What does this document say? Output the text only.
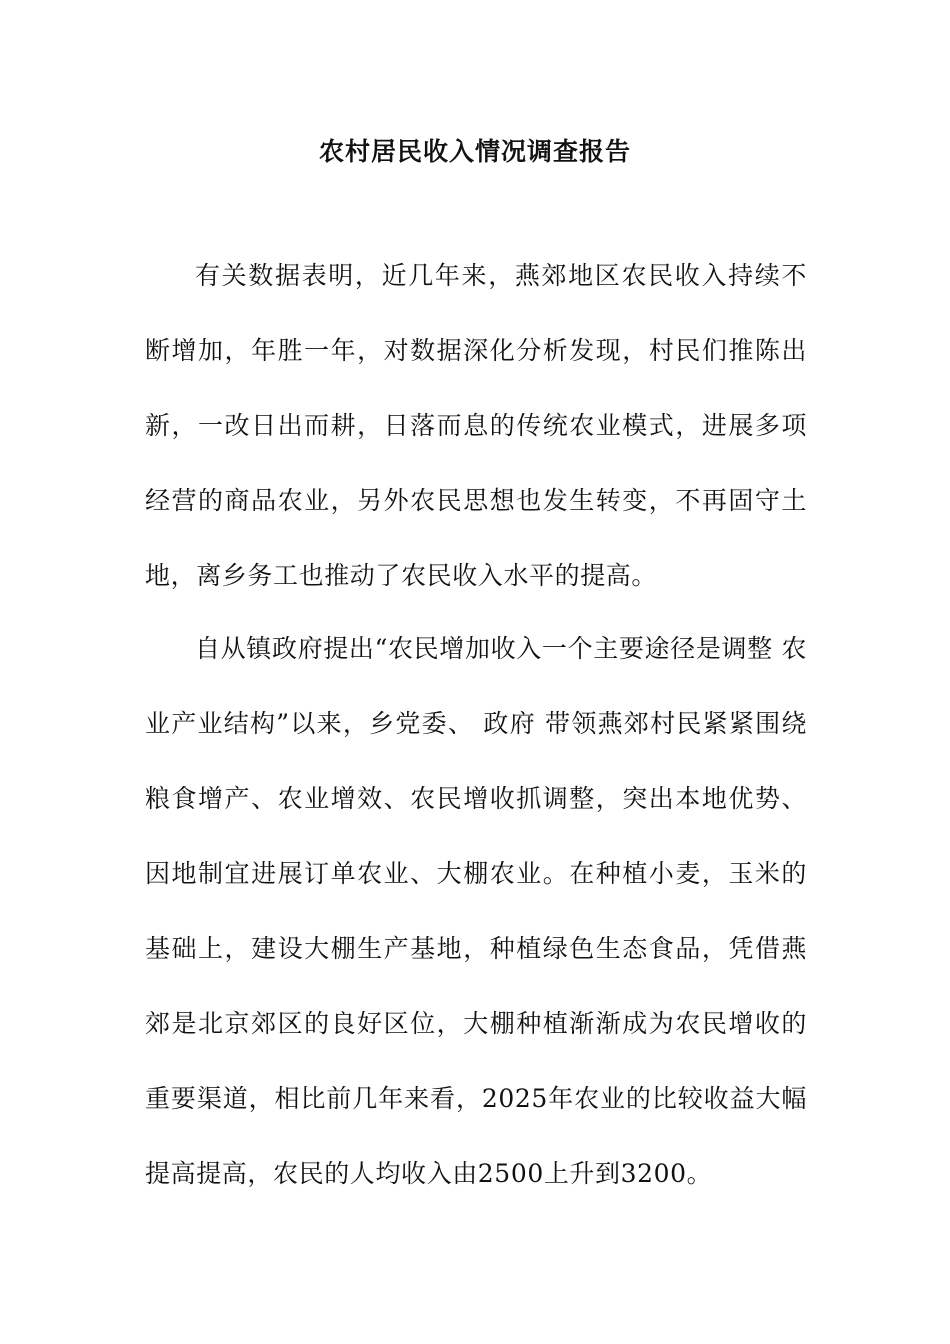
农村居民收入情况调查报告

有关数据表明，近几年来，燕郊地区农民收入持续不断增加，年胜一年，对数据深化分析发现，村民们推陈出新，一改日出而耕，日落而息的传统农业模式，进展多项经营的商品农业，另外农民思想也发生转变，不再固守土地，离乡务工也推动了农民收入水平的提高。

自从镇政府提出“农民增加收入一个主要途径是调整 农业产业结构”以来，乡党委、 政府 带领燕郊村民紧紧围绕 粮食增产、农业增效、农民增收抓调整，突出本地优势、因地制宜进展订单农业、大棚农业。在种植小麦，玉米的基础上，建设大棚生产基地，种植绿色生态食品，凭借燕郊是北京郊区的良好区位，大棚种植渐渐成为农民增收的重要渠道，相比前几年来看，2025年农业的比较收益大幅提高提高，农民的人均收入由2500上升到3200。
